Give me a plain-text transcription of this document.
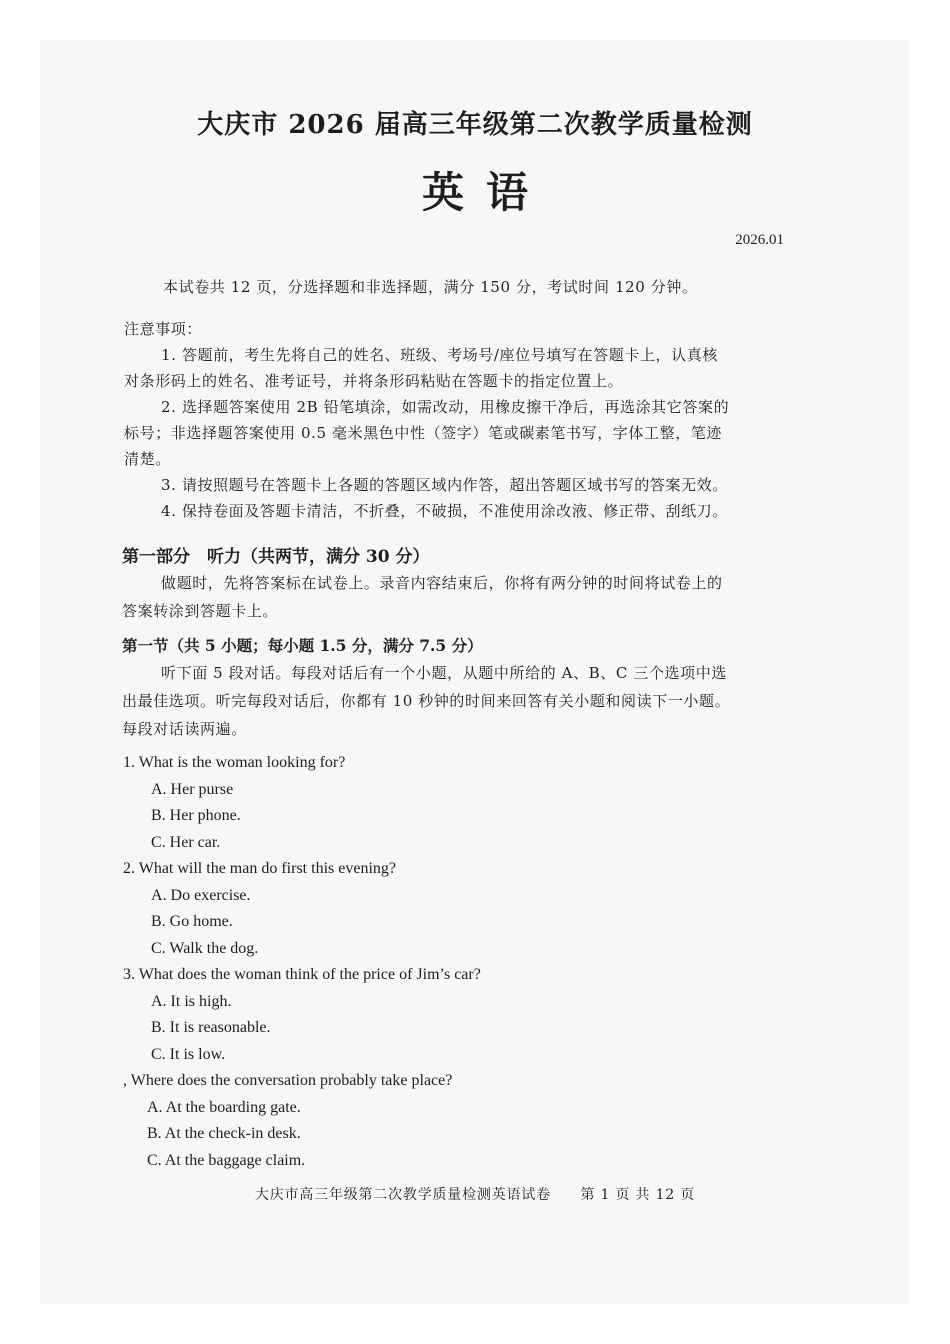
大庆市 2026 届高三年级第二次教学质量检测
英语
2026.01
本试卷共 12 页，分选择题和非选择题，满分 150 分，考试时间 120 分钟。
注意事项：
1. 答题前，考生先将自己的姓名、班级、考场号/座位号填写在答题卡上，认真核
对条形码上的姓名、准考证号，并将条形码粘贴在答题卡的指定位置上。
2. 选择题答案使用 2B 铅笔填涂，如需改动，用橡皮擦干净后，再选涂其它答案的
标号；非选择题答案使用 0.5 毫米黑色中性（签字）笔或碳素笔书写，字体工整，笔迹
清楚。
3. 请按照题号在答题卡上各题的答题区域内作答，超出答题区域书写的答案无效。
4. 保持卷面及答题卡清洁，不折叠，不破损，不准使用涂改液、修正带、刮纸刀。
第一部分　听力（共两节，满分 30 分）
做题时，先将答案标在试卷上。录音内容结束后，你将有两分钟的时间将试卷上的
答案转涂到答题卡上。
第一节（共 5 小题；每小题 1.5 分，满分 7.5 分）
听下面 5 段对话。每段对话后有一个小题，从题中所给的 A、B、C 三个选项中选
出最佳选项。听完每段对话后，你都有 10 秒钟的时间来回答有关小题和阅读下一小题。
每段对话读两遍。
1. What is the woman looking for?
A. Her purse
B. Her phone.
C. Her car.
2. What will the man do first this evening?
A. Do exercise.
B. Go home.
C. Walk the dog.
3. What does the woman think of the price of Jim’s car?
A. It is high.
B. It is reasonable.
C. It is low.
, Where does the conversation probably take place?
A. At the boarding gate.
B. At the check-in desk.
C. At the baggage claim.
大庆市高三年级第二次教学质量检测英语试卷　　第 1 页 共 12 页
